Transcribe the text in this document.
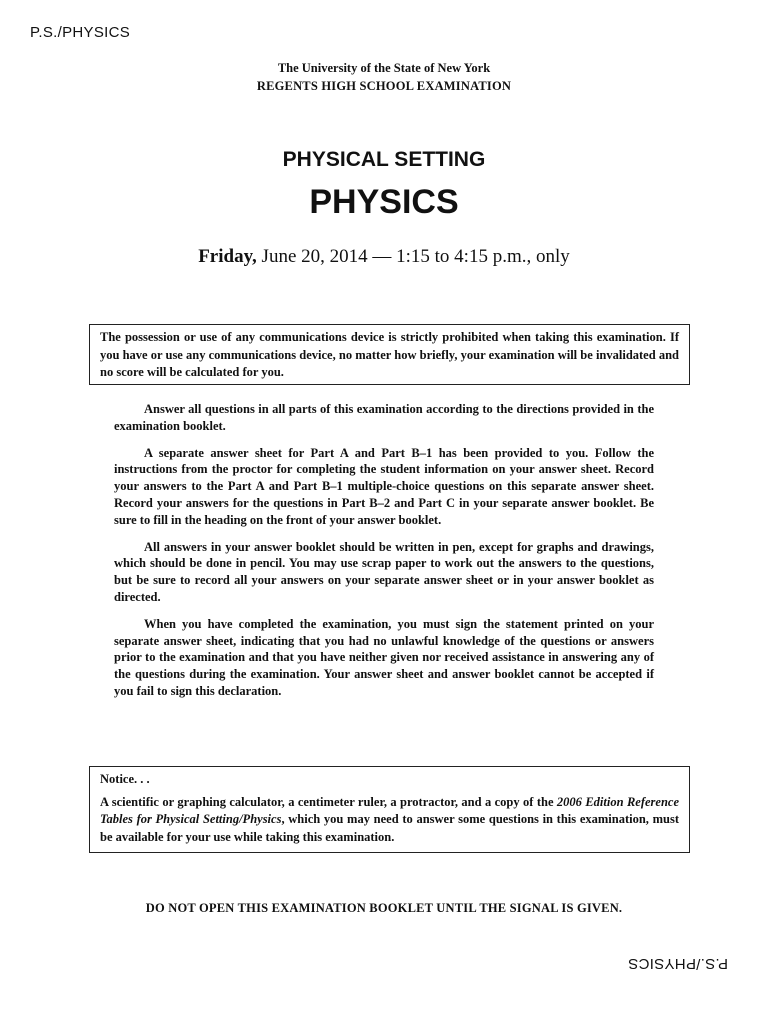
P.S./PHYSICS
The University of the State of New York
REGENTS HIGH SCHOOL EXAMINATION
PHYSICAL SETTING
PHYSICS
Friday, June 20, 2014 — 1:15 to 4:15 p.m., only
The possession or use of any communications device is strictly prohibited when taking this examination. If you have or use any communications device, no matter how briefly, your examination will be invalidated and no score will be calculated for you.

Answer all questions in all parts of this examination according to the directions provided in the examination booklet.

A separate answer sheet for Part A and Part B–1 has been provided to you. Follow the instructions from the proctor for completing the student information on your answer sheet. Record your answers to the Part A and Part B–1 multiple-choice questions on this separate answer sheet. Record your answers for the questions in Part B–2 and Part C in your separate answer booklet. Be sure to fill in the heading on the front of your answer booklet.

All answers in your answer booklet should be written in pen, except for graphs and drawings, which should be done in pencil. You may use scrap paper to work out the answers to the questions, but be sure to record all your answers on your separate answer sheet or in your answer booklet as directed.

When you have completed the examination, you must sign the statement printed on your separate answer sheet, indicating that you had no unlawful knowledge of the questions or answers prior to the examination and that you have neither given nor received assistance in answering any of the questions during the examination. Your answer sheet and answer booklet cannot be accepted if you fail to sign this declaration.

Notice. . .

A scientific or graphing calculator, a centimeter ruler, a protractor, and a copy of the 2006 Edition Reference Tables for Physical Setting/Physics, which you may need to answer some questions in this examination, must be available for your use while taking this examination.

DO NOT OPEN THIS EXAMINATION BOOKLET UNTIL THE SIGNAL IS GIVEN.
P.S./PHYSICS
